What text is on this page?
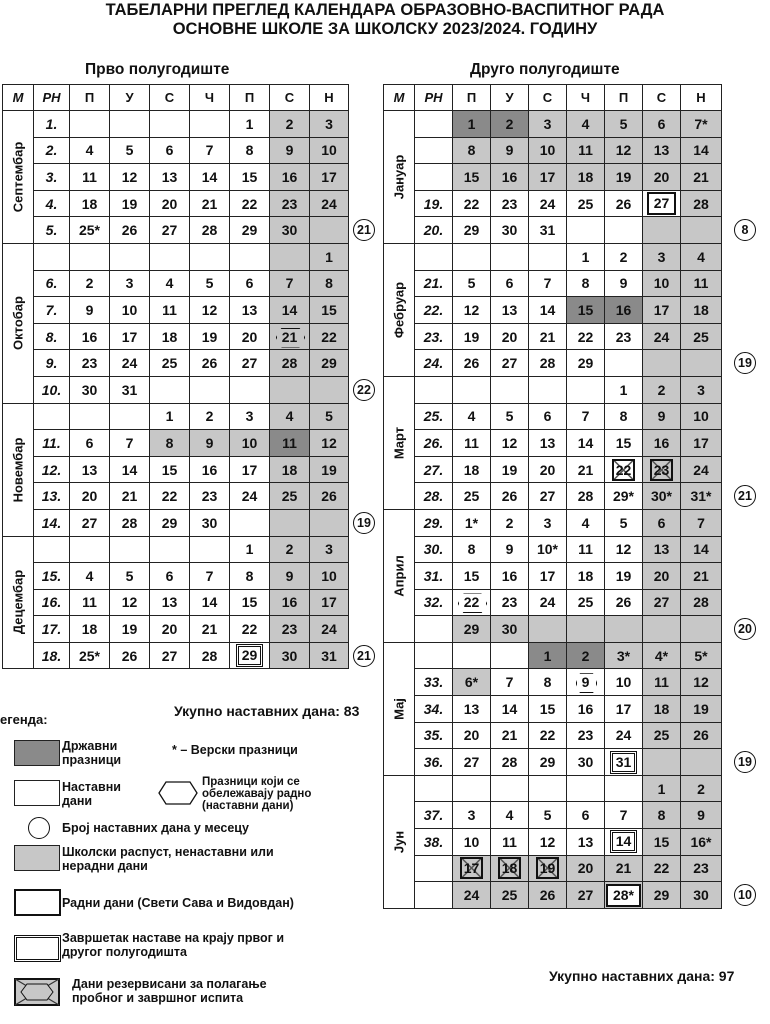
ТАБЕЛАРНИ ПРЕГЛЕД КАЛЕНДАРА ОБРАЗОВНО-ВАСПИТНОГ РАДА
ОСНОВНЕ ШКОЛЕ ЗА ШКОЛСКУ 2023/2024. ГОДИНУ
Прво полугодиште	Друго полугодиште
М	РН	П	У	С	Ч	П	С	Н

Септембар	1.					1	2	3
	2.	4	5	6	7	8	9	10
	3.	11	12	13	14	15	16	17
	4.	18	19	20	21	22	23	24
	5.	25*	26	27	28	29	30	

Октобар								1
	6.	2	3	4	5	6	7	8
	7.	9	10	11	12	13	14	15
	8.	16	17	18	19	20	21	22
	9.	23	24	25	26	27	28	29
	10.	30	31					

Новембар				1	2	3	4	5
	11.	6	7	8	9	10	11	12
	12.	13	14	15	16	17	18	19
	13.	20	21	22	23	24	25	26
	14.	27	28	29	30			

Децембар						1	2	3
	15.	4	5	6	7	8	9	10
	16.	11	12	13	14	15	16	17
	17.	18	19	20	21	22	23	24
	18.	25*	26	27	28	29	30	31
М	РН	П	У	С	Ч	П	С	Н

Јануар		1	2	3	4	5	6	7*
		8	9	10	11	12	13	14
		15	16	17	18	19	20	21
	19.	22	23	24	25	26	27	28
	20.	29	30	31				

Фебруар					1	2	3	4
	21.	5	6	7	8	9	10	11
	22.	12	13	14	15	16	17	18
	23.	19	20	21	22	23	24	25
	24.	26	27	28	29			

Март						1	2	3
	25.	4	5	6	7	8	9	10
	26.	11	12	13	14	15	16	17
	27.	18	19	20	21	22	23	24
	28.	25	26	27	28	29*	30*	31*

Април	29.	1*	2	3	4	5	6	7
	30.	8	9	10*	11	12	13	14
	31.	15	16	17	18	19	20	21
	32.	22	23	24	25	26	27	28
		29	30					

Мај				1	2	3*	4*	5*
	33.	6*	7	8	9	10	11	12
	34.	13	14	15	16	17	18	19
	35.	20	21	22	23	24	25	26
	36.	27	28	29	30	31		

Јун							1	2
	37.	3	4	5	6	7	8	9
	38.	10	11	12	13	14	15	16*
		17	18	19	20	21	22	23
		24	25	26	27	28*	29	30
Укупно наставних дана: 83
Укупно наставних дана: 97
егенда:
Државни празници
* – Верски празници
Наставни дани
Празници који се обележавају радно (наставни дани)
Број наставних дана у месецу
Школски распуст, ненаставни или нерадни дани
Радни дани (Свети Сава и Видовдан)
Завршетак наставе на крају првог и другог полугодишта
Дани резервисани за полагање пробног и завршног испита
21
22
19
21
8
19
21
20
19
10
